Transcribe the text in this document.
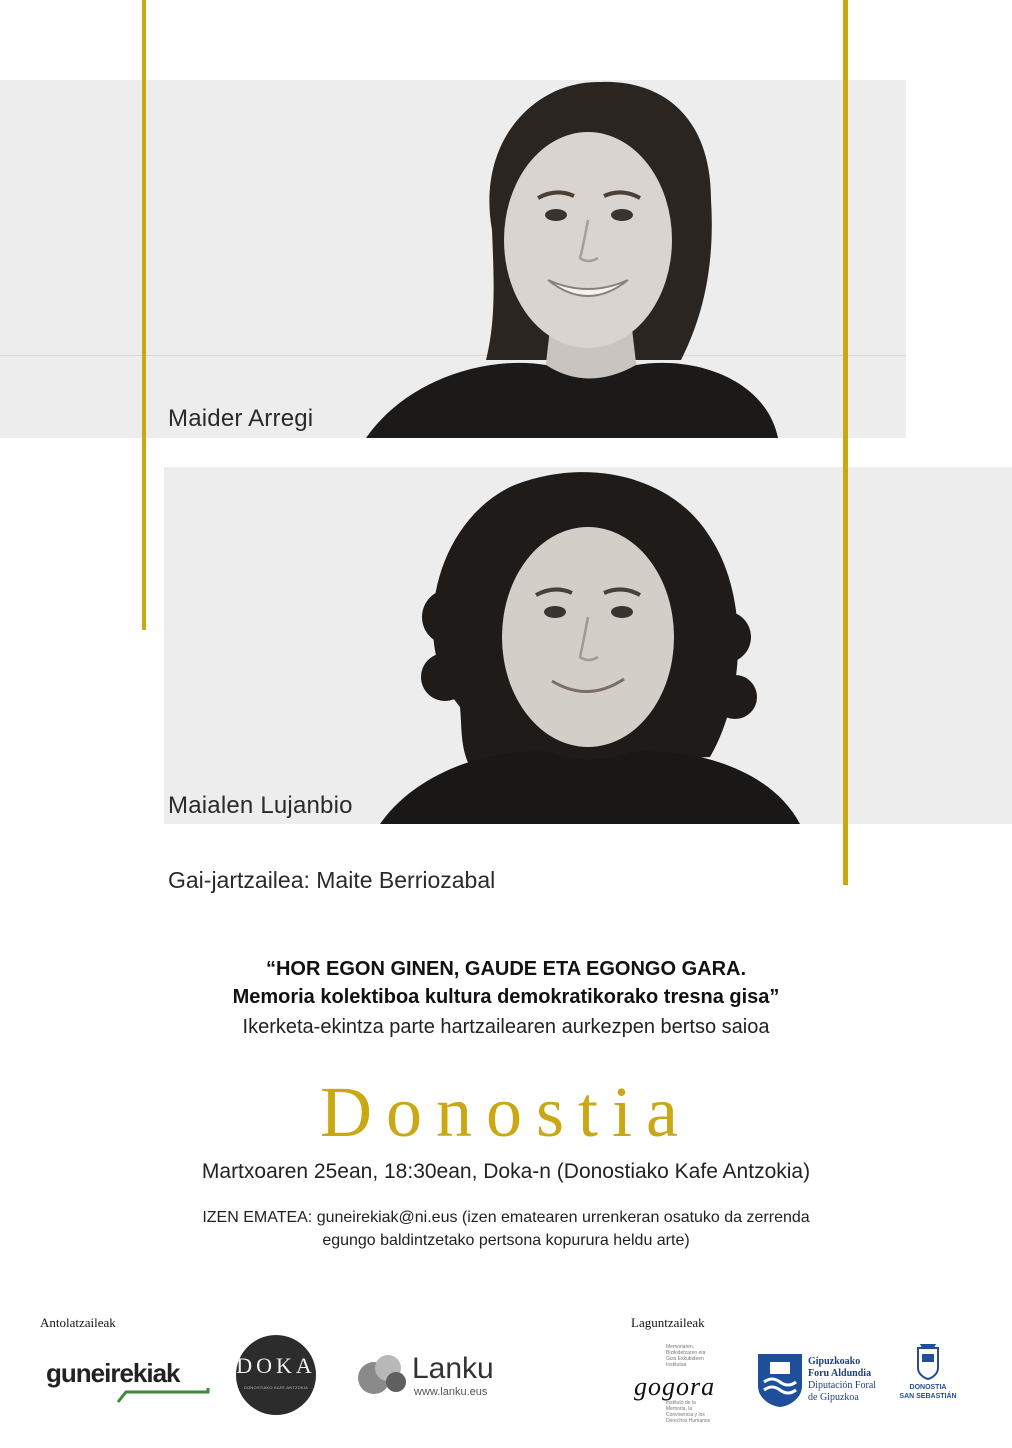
Maider Arregi
Maialen Lujanbio
Gai-jartzailea: Maite Berriozabal
“HOR EGON GINEN, GAUDE ETA EGONGO GARA.
Memoria kolektiboa kultura demokratikorako tresna gisa”
Ikerketa-ekintza parte hartzailearen aurkezpen bertso saioa
Donostia
Martxoaren 25ean, 18:30ean, Doka-n (Donostiako Kafe Antzokia)
IZEN EMATEA: guneirekiak@ni.eus (izen ematearen urrenkeran osatuko da zerrenda
egungo baldintzetako pertsona kopurura heldu arte)
Antolatzaileak
guneirekiak	DOKA
DONOSTIAKO KAFE ANTZOKIA
Lanku
www.lanku.eus
Laguntzaileak
Memoriaren, Bizikidetzaren eta Giza Eskubideen Institutua
gogora
Instituto de la Memoria, la Convivencia y los Derechos Humanos
Gipuzkoako
Foru Aldundia
Diputación Foral
de Gipuzkoa
DONOSTIA
SAN SEBASTIÁN
